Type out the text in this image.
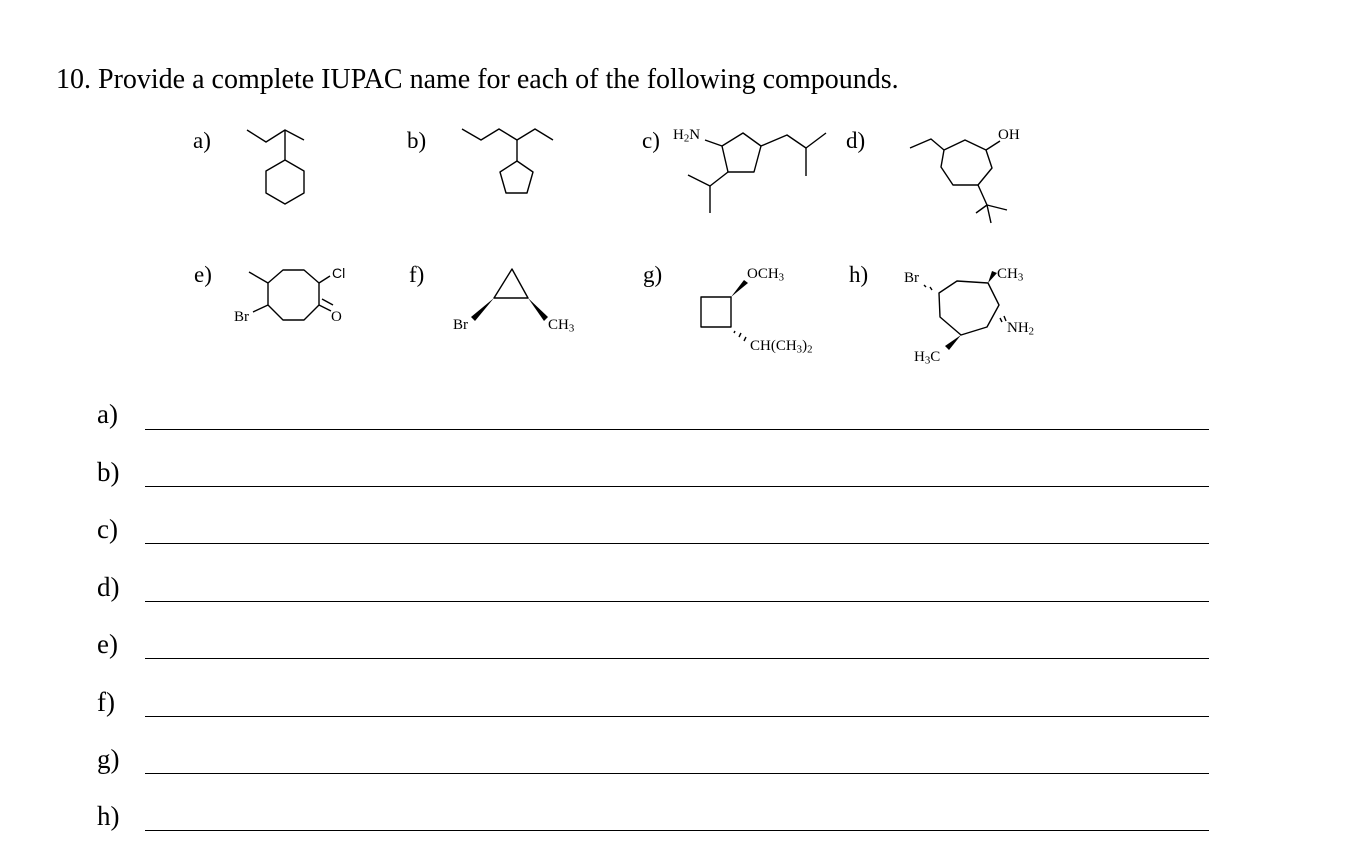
10. Provide a complete IUPAC name for each of the following compounds.
a)	b)	c)	d)
e)	f)	g)	h)
$H_2N$	OH
Cl
Br	O	Br	$CH_3$
$OCH_3$
$CH(CH_3)_2$
Br	$CH_3$
$NH_2$
$H_3C$
a)
b)
c)
d)
e)
f)
g)
h)
